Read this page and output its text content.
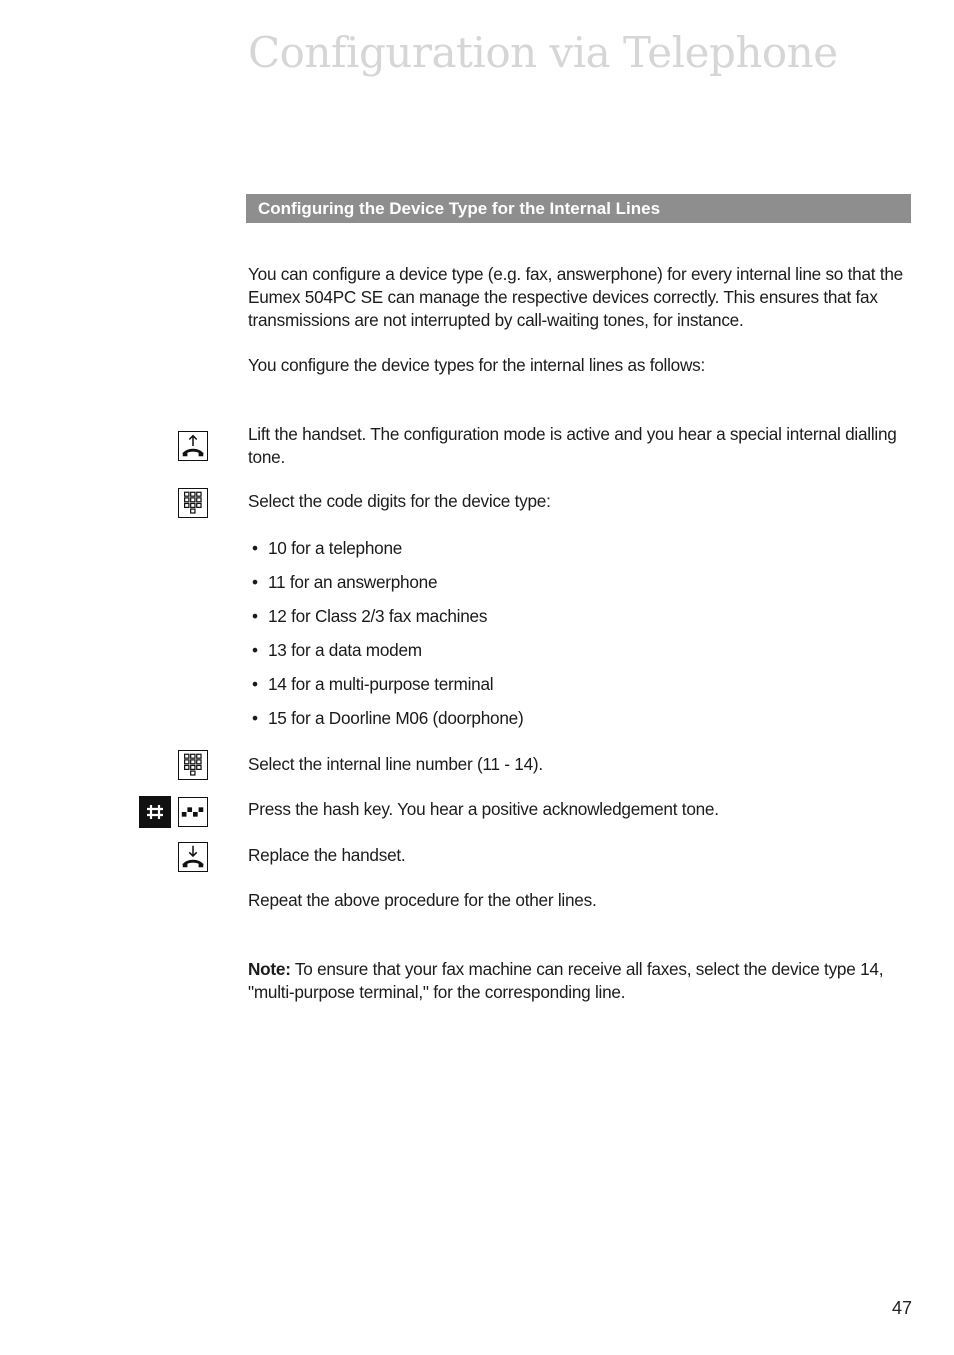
Configuration via Telephone
Configuring the Device Type for the Internal Lines

You can configure a device type (e.g. fax, answerphone) for every internal line so that the Eumex 504PC SE can manage the respective devices correctly. This ensures that fax transmissions are not interrupted by call-waiting tones, for instance.

You configure the device types for the internal lines as follows:
Lift the handset. The configuration mode is active and you hear a special internal dialling tone.
Select the code digits for the device type:
• 10 for a telephone
• 11 for an answerphone
• 12 for Class 2/3 fax machines
• 13 for a data modem
• 14 for a multi-purpose terminal
• 15 for a Doorline M06 (doorphone)
Select the internal line number (11 - 14).
Press the hash key. You hear a positive acknowledgement tone.
Replace the handset.
Repeat the above procedure for the other lines.
Note: To ensure that your fax machine can receive all faxes, select the device type 14, "multi-purpose terminal," for the corresponding line.
47
